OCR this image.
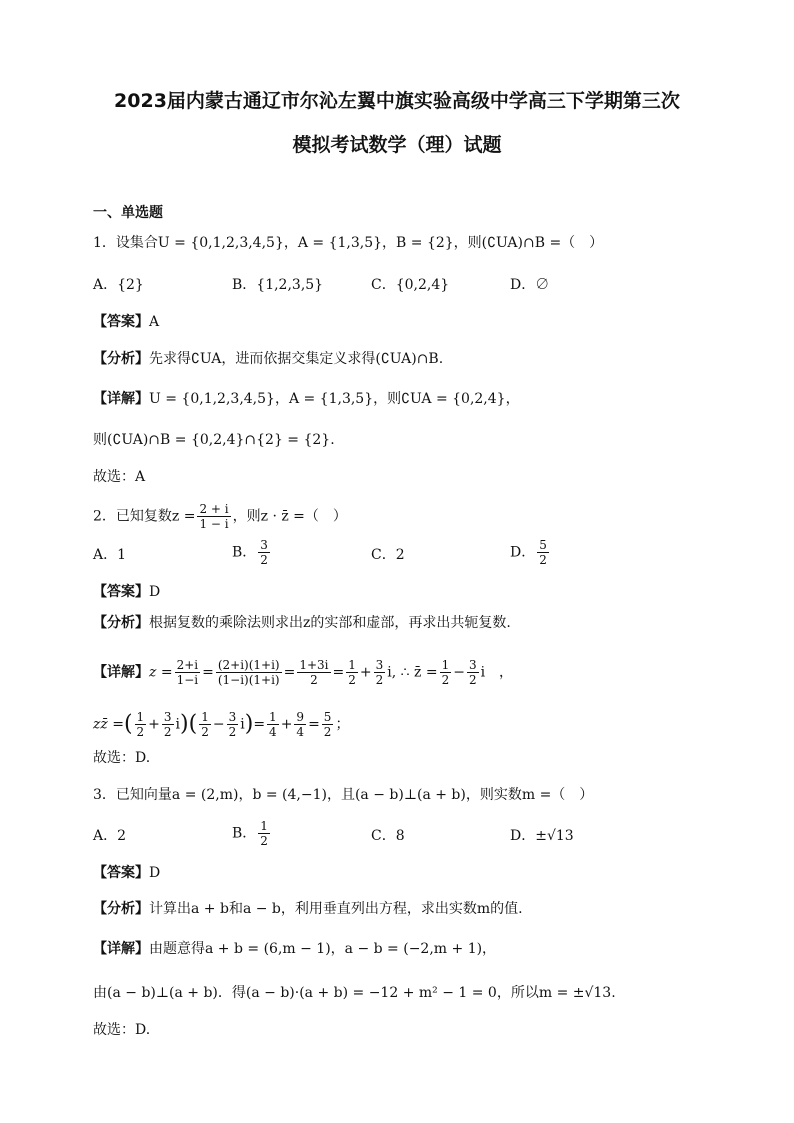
2023届内蒙古通辽市尔沁左翼中旗实验高级中学高三下学期第三次
模拟考试数学（理）试题
一、单选题
1．设集合U = {0,1,2,3,4,5}，A = {1,3,5}，B = {2}，则(∁UA)∩B =（　）
A．{2}	B．{1,2,3,5}	C．{0,2,4}	D．∅
【答案】A
【分析】先求得∁UA，进而依据交集定义求得(∁UA)∩B.
【详解】U = {0,1,2,3,4,5}，A = {1,3,5}，则∁UA = {0,2,4}，
则(∁UA)∩B = {0,2,4}∩{2} = {2}.
故选：A
2．已知复数$z = \frac{2 + i}{1 - i}$ ，则z · z̄ =（　）
A．1	B． $\frac{3}{2}$	C．2	D． $\frac{5}{2}$
【答案】D
【分析】根据复数的乘除法则求出z的实部和虚部，再求出共轭复数.
【详解】$z = \frac{2+i}{1-i} = \frac{(2+i)(1+i)}{(1-i)(1+i)} = \frac{1+3i}{2} = \frac{1}{2} + \frac{3}{2} i$, ∴ z̄ = $\frac{1}{2} - \frac{3}{2}$ i　，
zz̄ =( $\frac{1}{2} + \frac{3}{2} i)( \frac{1}{2} - \frac{3}{2} i)= \frac{1}{4} + \frac{9}{4} = \frac{5}{2}$ ；
故选：D.
3．已知向量a = (2,m)，b = (4,−1)，且(a − b)⊥(a + b)，则实数m =（　）
A．2	B． $\frac{1}{2}$	C．8	D．±√13
【答案】D
【分析】计算出a + b和a − b，利用垂直列出方程，求出实数m的值.
【详解】由题意得a + b = (6,m − 1)，a − b = (−2,m + 1)，
由(a − b)⊥(a + b)．得(a − b)·(a + b) = −12 + m² − 1 = 0，所以m = ±√13.
故选：D.
